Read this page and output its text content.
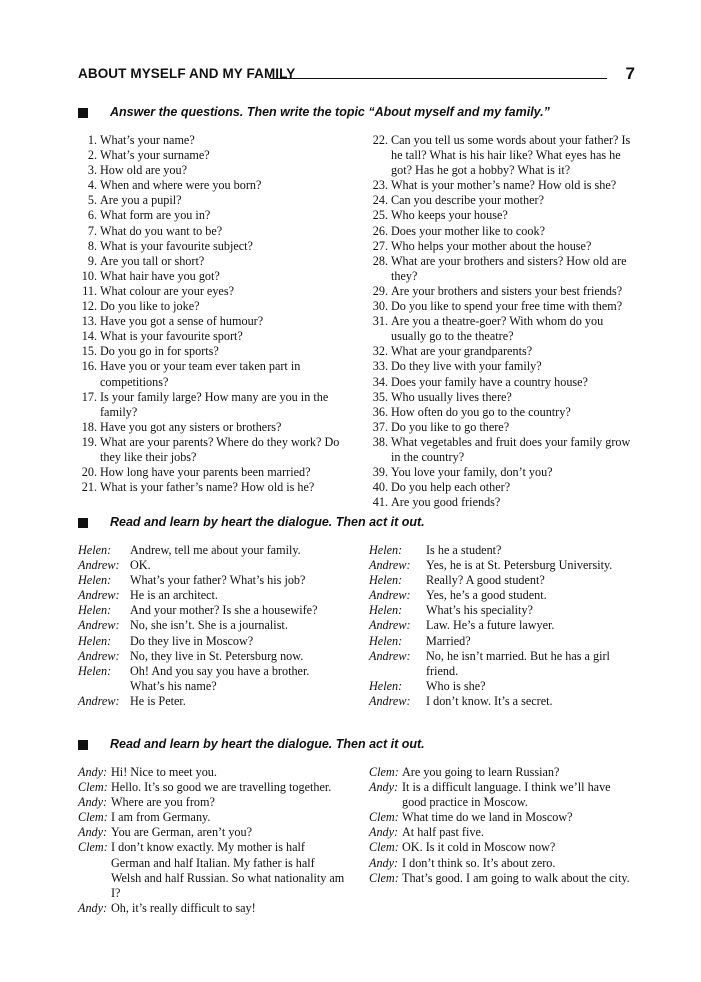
ABOUT MYSELF AND MY FAMILY	7
Answer the questions. Then write the topic “About myself and my family.”
1. What’s your name?
2. What’s your surname?
3. How old are you?
4. When and where were you born?
5. Are you a pupil?
6. What form are you in?
7. What do you want to be?
8. What is your favourite subject?
9. Are you tall or short?
10. What hair have you got?
11. What colour are your eyes?
12. Do you like to joke?
13. Have you got a sense of humour?
14. What is your favourite sport?
15. Do you go in for sports?
16. Have you or your team ever taken part in competitions?
17. Is your family large? How many are you in the family?
18. Have you got any sisters or brothers?
19. What are your parents? Where do they work? Do they like their jobs?
20. How long have your parents been married?
21. What is your father’s name? How old is he?
22. Can you tell us some words about your father? Is he tall? What is his hair like? What eyes has he got? Has he got a hobby? What is it?
23. What is your mother’s name? How old is she?
24. Can you describe your mother?
25. Who keeps your house?
26. Does your mother like to cook?
27. Who helps your mother about the house?
28. What are your brothers and sisters? How old are they?
29. Are your brothers and sisters your best friends?
30. Do you like to spend your free time with them?
31. Are you a theatre-goer? With whom do you usually go to the theatre?
32. What are your grandparents?
33. Do they live with your family?
34. Does your family have a country house?
35. Who usually lives there?
36. How often do you go to the country?
37. Do you like to go there?
38. What vegetables and fruit does your family grow in the country?
39. You love your family, don’t you?
40. Do you help each other?
41. Are you good friends?
Read and learn by heart the dialogue. Then act it out.
Helen: Andrew, tell me about your family.
Andrew: OK.
Helen: What’s your father? What’s his job?
Andrew: He is an architect.
Helen: And your mother? Is she a housewife?
Andrew: No, she isn’t. She is a journalist.
Helen: Do they live in Moscow?
Andrew: No, they live in St. Petersburg now.
Helen: Oh! And you say you have a brother. What’s his name?
Andrew: He is Peter.
Helen: Is he a student?
Andrew: Yes, he is at St. Petersburg University.
Helen: Really? A good student?
Andrew: Yes, he’s a good student.
Helen: What’s his speciality?
Andrew: Law. He’s a future lawyer.
Helen: Married?
Andrew: No, he isn’t married. But he has a girl friend.
Helen: Who is she?
Andrew: I don’t know. It’s a secret.
Read and learn by heart the dialogue. Then act it out.
Andy: Hi! Nice to meet you.
Clem: Hello. It’s so good we are travelling together.
Andy: Where are you from?
Clem: I am from Germany.
Andy: You are German, aren’t you?
Clem: I don’t know exactly. My mother is half German and half Italian. My father is half Welsh and half Russian. So what nationality am I?
Andy: Oh, it’s really difficult to say!
Clem: Are you going to learn Russian?
Andy: It is a difficult language. I think we’ll have good practice in Moscow.
Clem: What time do we land in Moscow?
Andy: At half past five.
Clem: OK. Is it cold in Moscow now?
Andy: I don’t think so. It’s about zero.
Clem: That’s good. I am going to walk about the city.
